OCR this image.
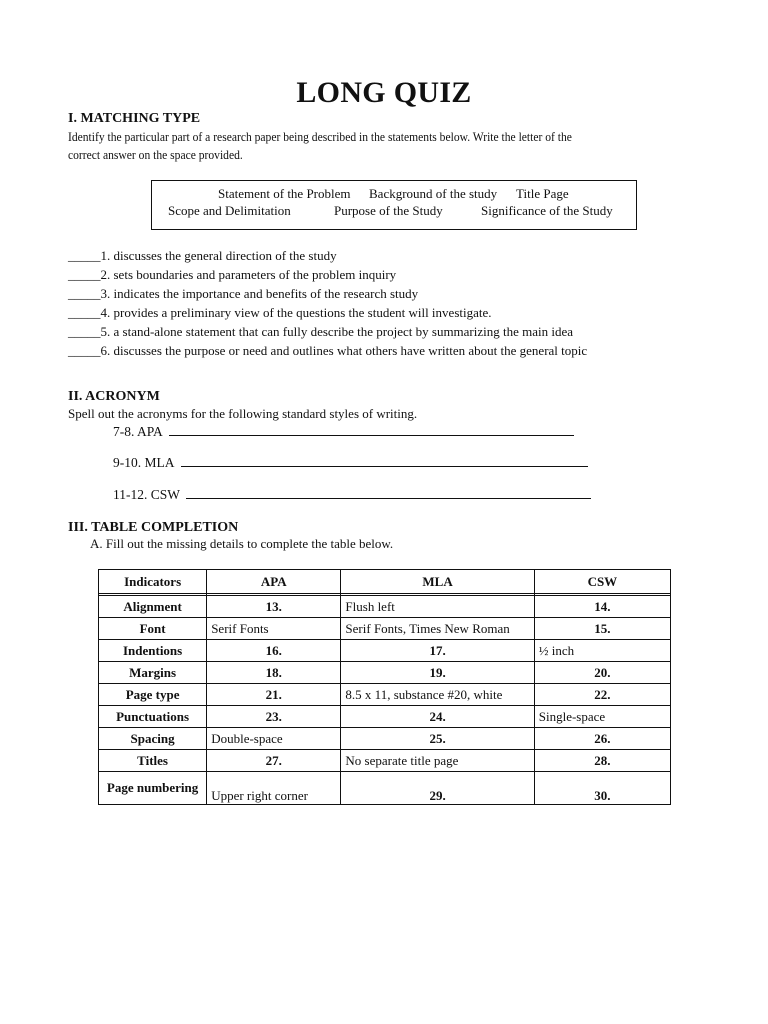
LONG QUIZ
I. MATCHING TYPE
Identify the particular part of a research paper being described in the statements below. Write the letter of the
correct answer on the space provided.
Statement of the Problem Background of the study Title Page
Scope and Delimitation	Purpose of the Study	Significance of the Study
_____1. discusses the general direction of the study
_____2. sets boundaries and parameters of the problem inquiry
_____3. indicates the importance and benefits of the research study
_____4. provides a preliminary view of the questions the student will investigate.
_____5. a stand-alone statement that can fully describe the project by summarizing the main idea
_____6. discusses the purpose or need and outlines what others have written about the general topic
II. ACRONYM
Spell out the acronyms for the following standard styles of writing.
7-8. APA
9-10. MLA
11-12. CSW
III. TABLE COMPLETION
A. Fill out the missing details to complete the table below.
Indicators	APA	MLA	CSW

Alignment	13.	Flush left	14.
Font	Serif Fonts	Serif Fonts, Times New Roman	15.
Indentions	16.	17.	½ inch
Margins	18.	19.	20.
Page type	21.	8.5 x 11, substance #20, white	22.
Punctuations	23.	24.	Single-space
Spacing	Double-space	25.	26.
Titles	27.	No separate title page	28.
Page numbering	Upper right corner	29.	30.
